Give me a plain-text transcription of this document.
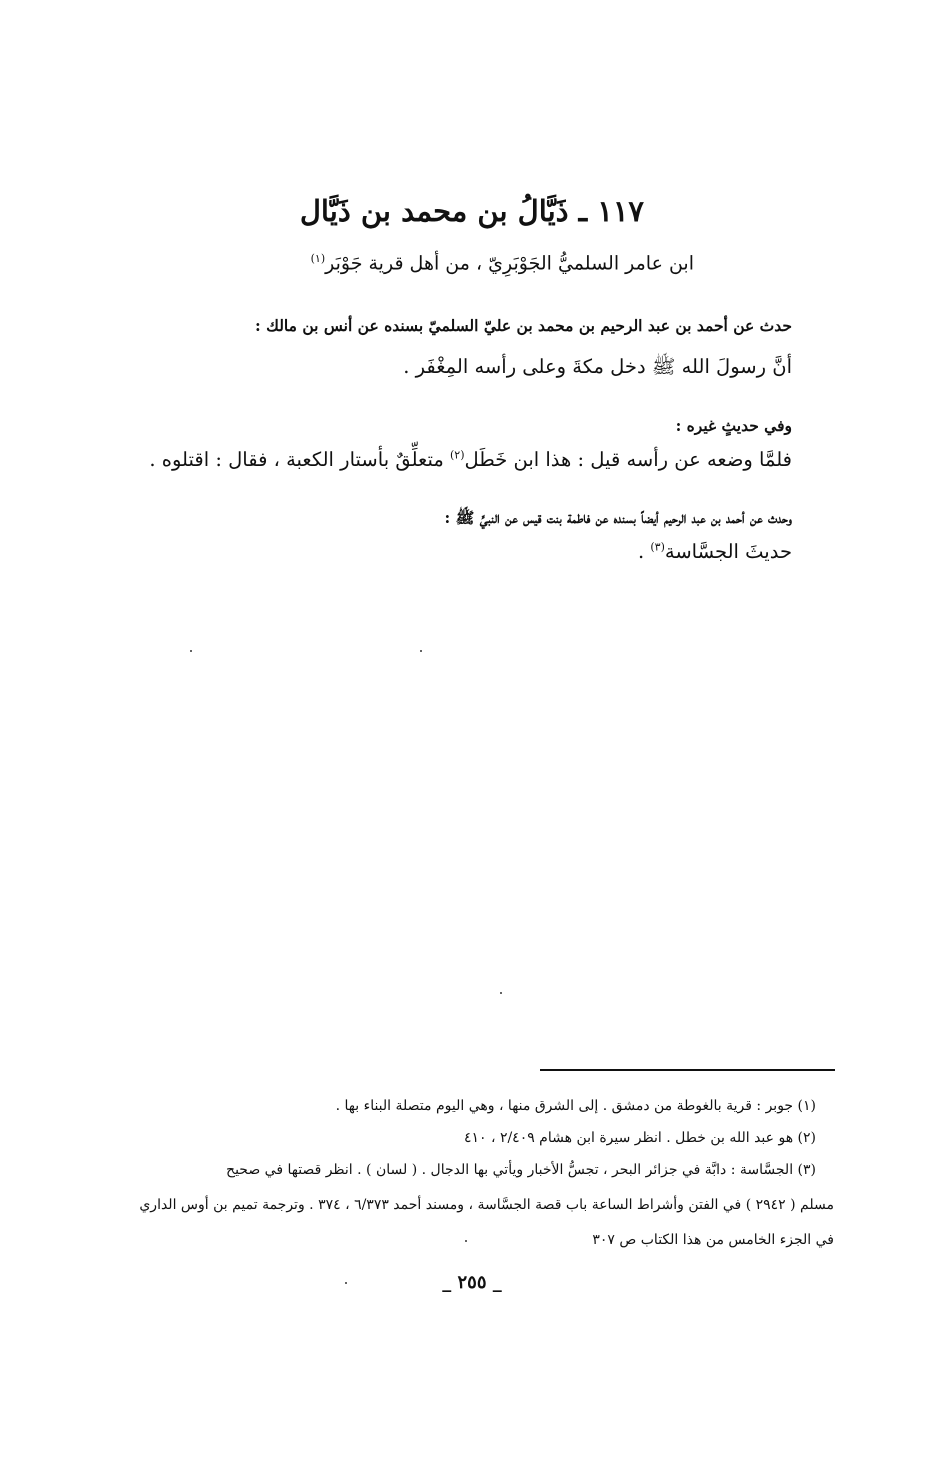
١١٧ ـ ذَيَّالُ بن محمد بن ذَيَّال
ابن عامر السلميُّ الجَوْبَرِيّ ، من أهل قرية جَوْبَر$^{(١)}$
حدث عن أحمد بن عبد الرحيم بن محمد بن عليّ السلميّ بسنده عن أنس بن مالك :
أنَّ رسولَ الله ﷺ دخل مكةَ وعلى رأسه المِغْفَر .
وفي حديثٍ غيره :
فلمَّا وضعه عن رأسه قيل : هذا ابن خَطَل$^{(٢)}$ متعلِّقٌ بأستار الكعبة ، فقال : اقتلوه .
وحدث عن أحمد بن عبد الرحيم أيضاً بسنده عن فاطمة بنت قيس عن النبيِّ ﷺ :
حديثَ الجسَّاسة$^{(٣)}$ .
(١) جوبر : قرية بالغوطة من دمشق . إلى الشرق منها ، وهي اليوم متصلة البناء بها .
(٢) هو عبد الله بن خطل . انظر سيرة ابن هشام ٢/٤٠٩ ، ٤١٠
(٣) الجسَّاسة : دابَّة في جزائر البحر ، تجسُّ الأخبار ويأتي بها الدجال . ( لسان ) . انظر قصتها في صحيح
مسلم ( ٢٩٤٢ ) في الفتن وأشراط الساعة باب قصة الجسَّاسة ، ومسند أحمد ٦/٣٧٣ ، ٣٧٤ . وترجمة تميم بن أوس الداري
في الجزء الخامس من هذا الكتاب ص ٣٠٧
_ ٢٥٥ _
